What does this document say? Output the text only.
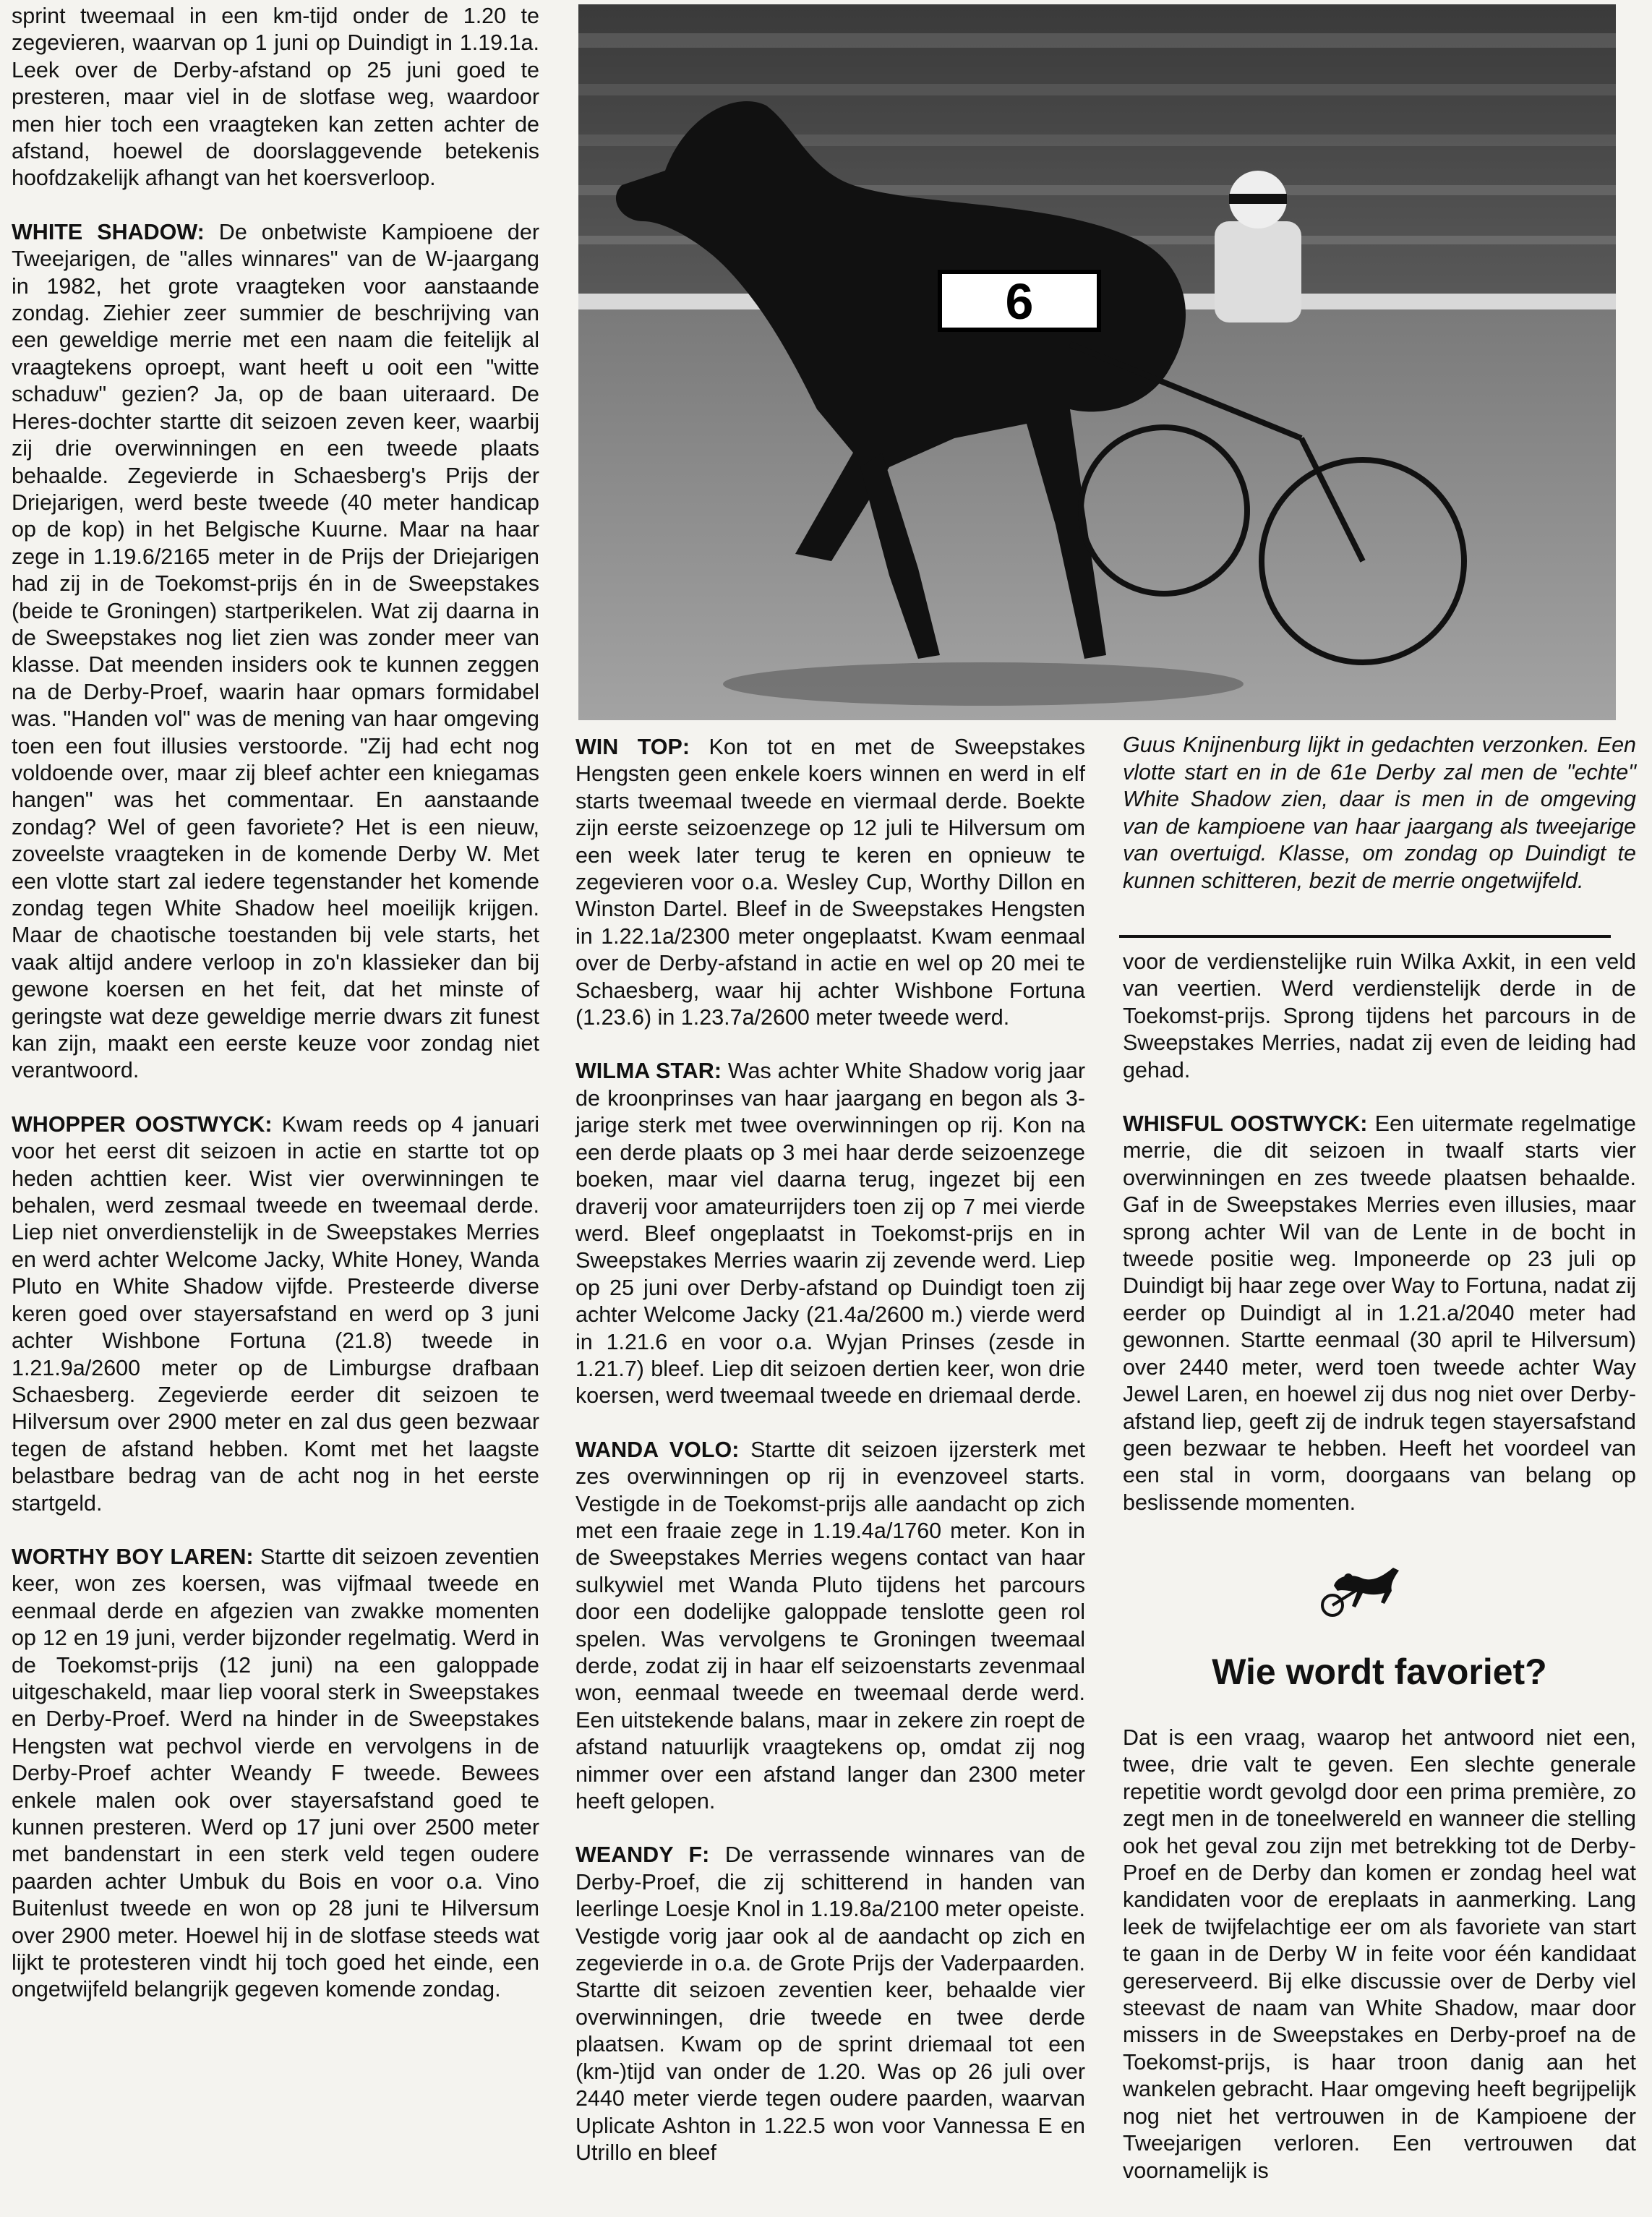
sprint tweemaal in een km-tijd onder de 1.20 te zegevieren, waarvan op 1 juni op Duindigt in 1.19.1a. Leek over de Derby-afstand op 25 juni goed te presteren, maar viel in de slotfase weg, waardoor men hier toch een vraagteken kan zetten achter de afstand, hoewel de doorslaggevende betekenis hoofdzakelijk afhangt van het koersverloop.

WHITE SHADOW: De onbetwiste Kampioene der Tweejarigen, de "alles winnares" van de W-jaargang in 1982, het grote vraagteken voor aanstaande zondag. Ziehier zeer summier de beschrijving van een geweldige merrie met een naam die feitelijk al vraagtekens oproept, want heeft u ooit een "witte schaduw" gezien? Ja, op de baan uiteraard. De Heres-dochter startte dit seizoen zeven keer, waarbij zij drie overwinningen en een tweede plaats behaalde. Zegevierde in Schaesberg's Prijs der Driejarigen, werd beste tweede (40 meter handicap op de kop) in het Belgische Kuurne. Maar na haar zege in 1.19.6/2165 meter in de Prijs der Driejarigen had zij in de Toekomst-prijs én in de Sweepstakes (beide te Groningen) startperikelen. Wat zij daarna in de Sweepstakes nog liet zien was zonder meer van klasse. Dat meenden insiders ook te kunnen zeggen na de Derby-Proef, waarin haar opmars formidabel was. "Handen vol" was de mening van haar omgeving toen een fout illusies verstoorde. "Zij had echt nog voldoende over, maar zij bleef achter een kniegamas hangen" was het commentaar. En aanstaande zondag? Wel of geen favoriete? Het is een nieuw, zoveelste vraagteken in de komende Derby W. Met een vlotte start zal iedere tegenstander het komende zondag tegen White Shadow heel moeilijk krijgen. Maar de chaotische toestanden bij vele starts, het vaak altijd andere verloop in zo'n klassieker dan bij gewone koersen en het feit, dat het minste of geringste wat deze geweldige merrie dwars zit funest kan zijn, maakt een eerste keuze voor zondag niet verantwoord.

WHOPPER OOSTWYCK: Kwam reeds op 4 januari voor het eerst dit seizoen in actie en startte tot op heden achttien keer. Wist vier overwinningen te behalen, werd zesmaal tweede en tweemaal derde. Liep niet onverdienstelijk in de Sweepstakes Merries en werd achter Welcome Jacky, White Honey, Wanda Pluto en White Shadow vijfde. Presteerde diverse keren goed over stayersafstand en werd op 3 juni achter Wishbone Fortuna (21.8) tweede in 1.21.9a/2600 meter op de Limburgse drafbaan Schaesberg. Zegevierde eerder dit seizoen te Hilversum over 2900 meter en zal dus geen bezwaar tegen de afstand hebben. Komt met het laagste belastbare bedrag van de acht nog in het eerste startgeld.

WORTHY BOY LAREN: Startte dit seizoen zeventien keer, won zes koersen, was vijfmaal tweede en eenmaal derde en afgezien van zwakke momenten op 12 en 19 juni, verder bijzonder regelmatig. Werd in de Toekomst-prijs (12 juni) na een galoppade uitgeschakeld, maar liep vooral sterk in Sweepstakes en Derby-Proef. Werd na hinder in de Sweepstakes Hengsten wat pechvol vierde en vervolgens in de Derby-Proef achter Weandy F tweede. Bewees enkele malen ook over stayersafstand goed te kunnen presteren. Werd op 17 juni over 2500 meter met bandenstart in een sterk veld tegen oudere paarden achter Umbuk du Bois en voor o.a. Vino Buitenlust tweede en won op 28 juni te Hilversum over 2900 meter. Hoewel hij in de slotfase steeds wat lijkt te protesteren vindt hij toch goed het einde, een ongetwijfeld belangrijk gegeven komende zondag.

6

WIN TOP: Kon tot en met de Sweepstakes Hengsten geen enkele koers winnen en werd in elf starts tweemaal tweede en viermaal derde. Boekte zijn eerste seizoenzege op 12 juli te Hilversum om een week later terug te keren en opnieuw te zegevieren voor o.a. Wesley Cup, Worthy Dillon en Winston Dartel. Bleef in de Sweepstakes Hengsten in 1.22.1a/2300 meter ongeplaatst. Kwam eenmaal over de Derby-afstand in actie en wel op 20 mei te Schaesberg, waar hij achter Wishbone Fortuna (1.23.6) in 1.23.7a/2600 meter tweede werd.

WILMA STAR: Was achter White Shadow vorig jaar de kroonprinses van haar jaargang en begon als 3-jarige sterk met twee overwinningen op rij. Kon na een derde plaats op 3 mei haar derde seizoenzege boeken, maar viel daarna terug, ingezet bij een draverij voor amateurrijders toen zij op 7 mei vierde werd. Bleef ongeplaatst in Toekomst-prijs en in Sweepstakes Merries waarin zij zevende werd. Liep op 25 juni over Derby-afstand op Duindigt toen zij achter Welcome Jacky (21.4a/2600 m.) vierde werd in 1.21.6 en voor o.a. Wyjan Prinses (zesde in 1.21.7) bleef. Liep dit seizoen dertien keer, won drie koersen, werd tweemaal tweede en driemaal derde.

WANDA VOLO: Startte dit seizoen ijzersterk met zes overwinningen op rij in evenzoveel starts. Vestigde in de Toekomst-prijs alle aandacht op zich met een fraaie zege in 1.19.4a/1760 meter. Kon in de Sweepstakes Merries wegens contact van haar sulkywiel met Wanda Pluto tijdens het parcours door een dodelijke galoppade tenslotte geen rol spelen. Was vervolgens te Groningen tweemaal derde, zodat zij in haar elf seizoenstarts zevenmaal won, eenmaal tweede en tweemaal derde werd. Een uitstekende balans, maar in zekere zin roept de afstand natuurlijk vraagtekens op, omdat zij nog nimmer over een afstand langer dan 2300 meter heeft gelopen.

WEANDY F: De verrassende winnares van de Derby-Proef, die zij schitterend in handen van leerlinge Loesje Knol in 1.19.8a/2100 meter opeiste. Vestigde vorig jaar ook al de aandacht op zich en zegevierde in o.a. de Grote Prijs der Vaderpaarden. Startte dit seizoen zeventien keer, behaalde vier overwinningen, drie tweede en twee derde plaatsen. Kwam op de sprint driemaal tot een (km-)tijd van onder de 1.20. Was op 26 juli over 2440 meter vierde tegen oudere paarden, waarvan Uplicate Ashton in 1.22.5 won voor Vannessa E en Utrillo en bleef

Guus Knijnenburg lijkt in gedachten verzonken. Een vlotte start en in de 61e Derby zal men de "echte" White Shadow zien, daar is men in de omgeving van de kampioene van haar jaargang als tweejarige van overtuigd. Klasse, om zondag op Duindigt te kunnen schitteren, bezit de merrie ongetwijfeld.

voor de verdienstelijke ruin Wilka Axkit, in een veld van veertien. Werd verdienstelijk derde in de Toekomst-prijs. Sprong tijdens het parcours in de Sweepstakes Merries, nadat zij even de leiding had gehad.

WHISFUL OOSTWYCK: Een uitermate regelmatige merrie, die dit seizoen in twaalf starts vier overwinningen en zes tweede plaatsen behaalde. Gaf in de Sweepstakes Merries even illusies, maar sprong achter Wil van de Lente in de bocht in tweede positie weg. Imponeerde op 23 juli op Duindigt bij haar zege over Way to Fortuna, nadat zij eerder op Duindigt al in 1.21.a/2040 meter had gewonnen. Startte eenmaal (30 april te Hilversum) over 2440 meter, werd toen tweede achter Way Jewel Laren, en hoewel zij dus nog niet over Derby-afstand liep, geeft zij de indruk tegen stayersafstand geen bezwaar te hebben. Heeft het voordeel van een stal in vorm, doorgaans van belang op beslissende momenten.

Wie wordt favoriet?

Dat is een vraag, waarop het antwoord niet een, twee, drie valt te geven. Een slechte generale repetitie wordt gevolgd door een prima première, zo zegt men in de toneelwereld en wanneer die stelling ook het geval zou zijn met betrekking tot de Derby-Proef en de Derby dan komen er zondag heel wat kandidaten voor de ereplaats in aanmerking. Lang leek de twijfelachtige eer om als favoriete van start te gaan in de Derby W in feite voor één kandidaat gereserveerd. Bij elke discussie over de Derby viel steevast de naam van White Shadow, maar door missers in de Sweepstakes en Derby-proef na de Toekomst-prijs, is haar troon danig aan het wankelen gebracht. Haar omgeving heeft begrijpelijk nog niet het vertrouwen in de Kampioene der Tweejarigen verloren. Een vertrouwen dat voornamelijk is
